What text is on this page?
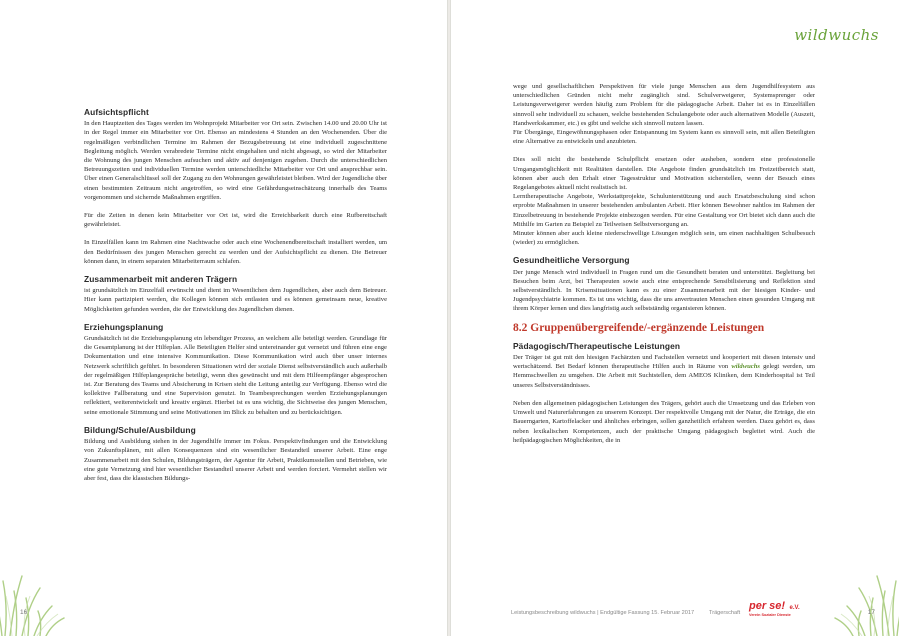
Aufsichtspflicht

In den Hauptzeiten des Tages werden im Wohnprojekt Mitarbeiter vor Ort sein. Zwischen 14.00 und 20.00 Uhr ist in der Regel immer ein Mitarbeiter vor Ort. Ebenso an mindestens 4 Stunden an den Wochenenden. Über die regelmäßigen verbindlichen Termine im Rahmen der Bezugsbetreuung ist eine individuell zugeschnittene Begleitung möglich. Werden verabredete Termine nicht eingehalten und nicht abgesagt, so wird der Mitarbeiter die Wohnung des jungen Menschen aufsuchen und aktiv auf denjenigen zugehen. Durch die unterschiedlichen Betreuungszeiten und individuellen Termine werden unterschiedliche Mitarbeiter vor Ort und ansprechbar sein. Über einen Generalschlüssel soll der Zugang zu den Wohnungen gewährleistet bleiben. Wird der Jugendliche über einen bestimmten Zeitraum nicht angetroffen, so wird eine Gefährdungseinschätzung innerhalb des Teams vorgenommen und sichernde Maßnahmen ergriffen.

Für die Zeiten in denen kein Mitarbeiter vor Ort ist, wird die Erreichbarkeit durch eine Rufbereitschaft gewährleistet.

In Einzelfällen kann im Rahmen eine Nachtwache oder auch eine Wochenendbereitschaft installiert werden, um den Bedürfnissen des jungen Menschen gerecht zu werden und der Aufsichtspflicht zu dienen. Die Betreuer können dann, in einem separaten Mitarbeiterraum schlafen.

Zusammenarbeit mit anderen Trägern

ist grundsätzlich im Einzelfall erwünscht und dient im Wesentlichen dem Jugendlichen, aber auch dem Betreuer. Hier kann partizipiert werden, die Kollegen können sich entlasten und es können gemeinsam neue, kreative Möglichkeiten gefunden werden, die der Entwicklung des Jugendlichen dienen.

Erziehungsplanung

Grundsätzlich ist die Erziehungsplanung ein lebendiger Prozess, an welchem alle beteiligt werden. Grundlage für die Gesamtplanung ist der Hilfeplan. Alle Beteiligten Helfer sind untereinander gut vernetzt und führen eine enge Dokumentation und eine intensive Kommunikation. Diese Kommunikation wird auch über unser internes Netzwerk schriftlich geführt. In besonderen Situationen wird der soziale Dienst selbstverständlich auch außerhalb der regelmäßigen Hilfeplangespräche beteiligt, wenn dies gewünscht und mit dem Hilfeempfänger abgesprochen ist. Zur Beratung des Teams und Absicherung in Krisen steht die Leitung anteilig zur Verfügung. Ebenso wird die kollektive Fallberatung und eine Supervision genutzt. In Teambesprechungen werden Erziehungsplanungen reflektiert, weiterentwickelt und kreativ ergänzt. Hierbei ist es uns wichtig, die Sichtweise des jungen Menschen, seine emotionale Stimmung und seine Motivationen im Blick zu behalten und zu berücksichtigen.

Bildung/Schule/Ausbildung

Bildung und Ausbildung stehen in der Jugendhilfe immer im Fokus. Perspektivfindungen und die Entwicklung von Zukunftsplänen, mit allen Konsequenzen sind ein wesentlicher Bestandteil unserer Arbeit. Eine enge Zusammenarbeit mit den Schulen, Bildungsträgern, der Agentur für Arbeit, Praktikumsstellen und Betrieben, wie eine gute Vernetzung sind hier wesentlicher Bestandteil unserer Arbeit und werden forciert. Vermehrt stellen wir aber fest, dass die klassischen Bildungs-

16
wildwuchs

wege und gesellschaftlichen Perspektiven für viele junge Menschen aus dem Jugendhilfesystem aus unterschiedlichen Gründen nicht mehr zugänglich sind. Schulverweigerer, Systemsprenger oder Leistungsverweigerer werden häufig zum Problem für die pädagogische Arbeit. Daher ist es in Einzelfällen sinnvoll sehr individuell zu schauen, welche bestehenden Schulangebote oder auch alternativen Modelle (Auszeit, Handwerkskammer, etc.) es gibt und welche sich sinnvoll nutzen lassen.

Für Übergänge, Eingewöhnungsphasen oder Entspannung im System kann es sinnvoll sein, mit allen Beteiligten eine Alternative zu entwickeln und anzubieten.

Dies soll nicht die bestehende Schulpflicht ersetzen oder ausheben, sondern eine professionelle Umgangsmöglichkeit mit Realitäten darstellen. Die Angebote finden grundsätzlich im Freizeitbereich statt, können aber auch den Erhalt einer Tagesstruktur und Motivation sicherstellen, wenn der Besuch eines Regelangebotes aktuell nicht realistisch ist.

Lerntherapeutische Angebote, Werkstattprojekte, Schulunterstützung und auch Ersatzbeschulung sind schon erprobte Maßnahmen in unserer bestehenden ambulanten Arbeit. Hier können Bewohner nahtlos im Rahmen der Einzelbetreuung in bestehende Projekte einbezogen werden. Für eine Gestaltung vor Ort bietet sich dann auch die Mithilfe im Garten zu Beispiel zu Teilweisen Selbstversorgung an.

Minuter können aber auch kleine niederschwellige Lösungen möglich sein, um einen nachhaltigen Schulbesuch (wieder) zu ermöglichen.

Gesundheitliche Versorgung

Der junge Mensch wird individuell in Fragen rund um die Gesundheit beraten und unterstützt. Begleitung bei Besuchen beim Arzt, bei Therapeuten sowie auch eine entsprechende Sensibilisierung und Reflektion sind selbstverständlich. In Krisensituationen kann es zu einer Zusammenarbeit mit der hiesigen Kinder- und Jugendpsychiatrie kommen. Es ist uns wichtig, dass die uns anvertrauten Menschen einen gesunden Umgang mit ihrem Körper lernen und dies langfristig auch selbstständig organisieren können.

8.2 Gruppenübergreifende/-ergänzende Leistungen
Pädagogisch/Therapeutische Leistungen

Der Träger ist gut mit den hiesigen Fachärzten und Fachstellen vernetzt und kooperiert mit diesen intensiv und wertschätzend. Bei Bedarf können therapeutische Hilfen auch in Räume von wildwuchs gelegt werden, um Hemmschwellen zu umgehen. Die Arbeit mit Suchtstellen, dem AMEOS Kliniken, dem Kinderhospital ist Teil unseres Selbstverständnisses.

Neben den allgemeinen pädagogischen Leistungen des Trägers, gehört auch die Umsetzung und das Erleben von Umwelt und Naturerfahrungen zu unserem Konzept. Der respektvolle Umgang mit der Natur, die Erträge, die ein Bauerngarten, Kartoffelacker und ähnliches erbringen, sollen ganzheitlich erfahren werden. Dazu gehört es, dass neben lexikalischen Kompetenzen, auch der praktische Umgang pädagogisch begleitet wird. Auch die heilpädagogischen Möglichkeiten, die in

Leistungsbeschreibung wildwuchs | Endgültige Fassung 15. Februar 2017	Trägerschaft
per se! e.V.
Verein Sozialer Dienste	17
